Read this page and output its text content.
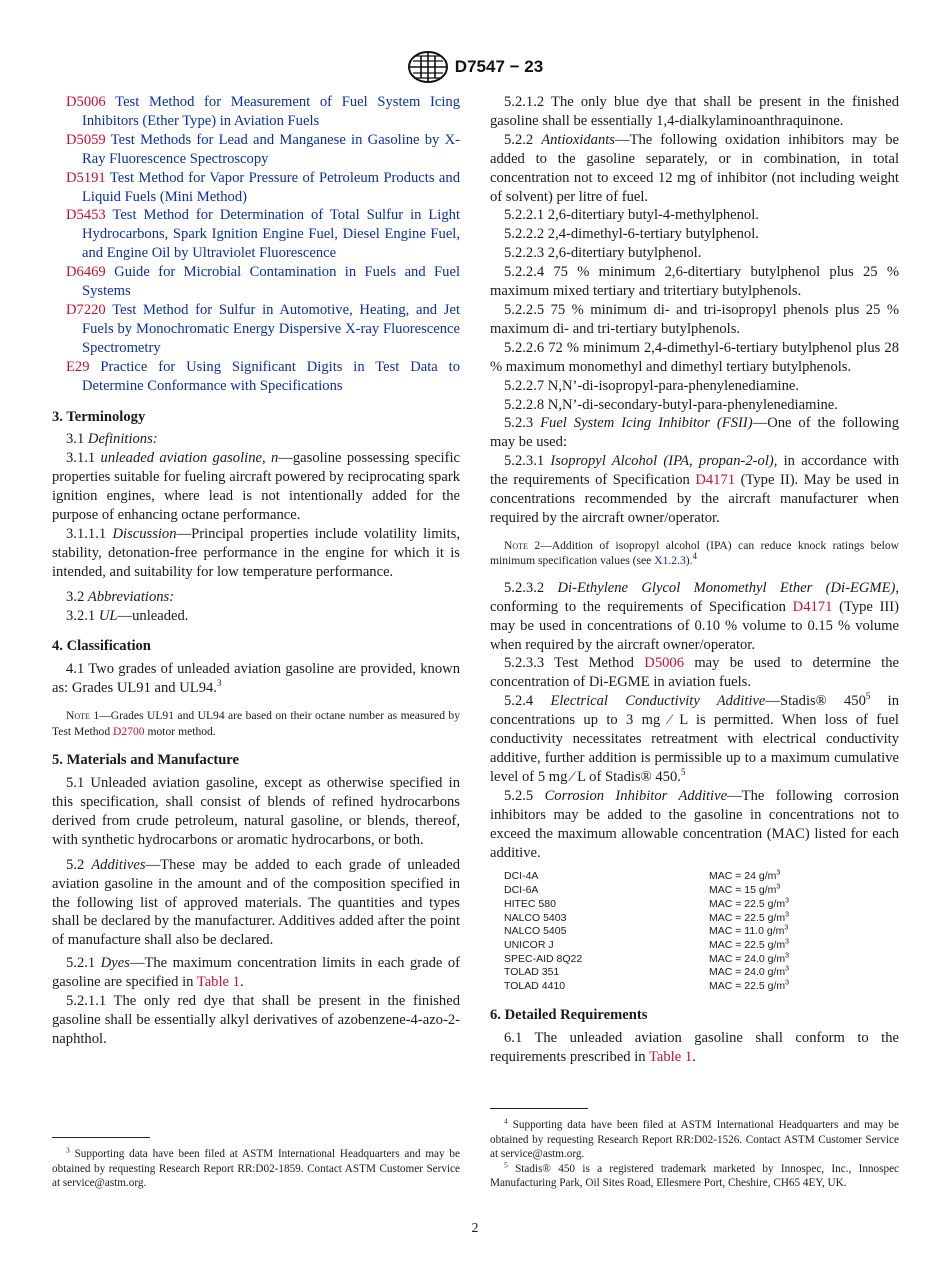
D7547 − 23

D5006 Test Method for Measurement of Fuel System Icing Inhibitors (Ether Type) in Aviation Fuels

D5059 Test Methods for Lead and Manganese in Gasoline by X-Ray Fluorescence Spectroscopy

D5191 Test Method for Vapor Pressure of Petroleum Products and Liquid Fuels (Mini Method)

D5453 Test Method for Determination of Total Sulfur in Light Hydrocarbons, Spark Ignition Engine Fuel, Diesel Engine Fuel, and Engine Oil by Ultraviolet Fluorescence

D6469 Guide for Microbial Contamination in Fuels and Fuel Systems

D7220 Test Method for Sulfur in Automotive, Heating, and Jet Fuels by Monochromatic Energy Dispersive X-ray Fluorescence Spectrometry

E29 Practice for Using Significant Digits in Test Data to Determine Conformance with Specifications

3. Terminology

3.1 Definitions:

3.1.1 unleaded aviation gasoline, n—gasoline possessing specific properties suitable for fueling aircraft powered by reciprocating spark ignition engines, where lead is not intentionally added for the purpose of enhancing octane performance.

3.1.1.1 Discussion—Principal properties include volatility limits, stability, detonation-free performance in the engine for which it is intended, and suitability for low temperature performance.

3.2 Abbreviations:

3.2.1 UL—unleaded.

4. Classification

4.1 Two grades of unleaded aviation gasoline are provided, known as: Grades UL91 and UL94.$^3$

Note 1—Grades UL91 and UL94 are based on their octane number as measured by Test Method D2700 motor method.

5. Materials and Manufacture

5.1 Unleaded aviation gasoline, except as otherwise specified in this specification, shall consist of blends of refined hydrocarbons derived from crude petroleum, natural gasoline, or blends, thereof, with synthetic hydrocarbons or aromatic hydrocarbons, or both.

5.2 Additives—These may be added to each grade of unleaded aviation gasoline in the amount and of the composition specified in the following list of approved materials. The quantities and types shall be declared by the manufacturer. Additives added after the point of manufacture shall also be declared.

5.2.1 Dyes—The maximum concentration limits in each grade of gasoline are specified in Table 1.

5.2.1.1 The only red dye that shall be present in the finished gasoline shall be essentially alkyl derivatives of azobenzene-4-azo-2-naphthol.

$^3$ Supporting data have been filed at ASTM International Headquarters and may be obtained by requesting Research Report RR:D02-1859. Contact ASTM Customer Service at service@astm.org.

5.2.1.2 The only blue dye that shall be present in the finished gasoline shall be essentially 1,4-dialkylaminoanthraquinone.

5.2.2 Antioxidants—The following oxidation inhibitors may be added to the gasoline separately, or in combination, in total concentration not to exceed 12 mg of inhibitor (not including weight of solvent) per litre of fuel.

5.2.2.1 2,6-ditertiary butyl-4-methylphenol.

5.2.2.2 2,4-dimethyl-6-tertiary butylphenol.

5.2.2.3 2,6-ditertiary butylphenol.

5.2.2.4 75 % minimum 2,6-ditertiary butylphenol plus 25 % maximum mixed tertiary and tritertiary butylphenols.

5.2.2.5 75 % minimum di- and tri-isopropyl phenols plus 25 % maximum di- and tri-tertiary butylphenols.

5.2.2.6 72 % minimum 2,4-dimethyl-6-tertiary butylphenol plus 28 % maximum monomethyl and dimethyl tertiary butylphenols.

5.2.2.7 N,N’-di-isopropyl-para-phenylenediamine.

5.2.2.8 N,N’-di-secondary-butyl-para-phenylenediamine.

5.2.3 Fuel System Icing Inhibitor (FSII)—One of the following may be used:

5.2.3.1 Isopropyl Alcohol (IPA, propan-2-ol), in accordance with the requirements of Specification D4171 (Type II). May be used in concentrations recommended by the aircraft manufacturer when required by the aircraft owner/operator.

Note 2—Addition of isopropyl alcohol (IPA) can reduce knock ratings below minimum specification values (see X1.2.3).$^4$

5.2.3.2 Di-Ethylene Glycol Monomethyl Ether (Di-EGME), conforming to the requirements of Specification D4171 (Type III) may be used in concentrations of 0.10 % volume to 0.15 % volume when required by the aircraft owner/operator.

5.2.3.3 Test Method D5006 may be used to determine the concentration of Di-EGME in aviation fuels.

5.2.4 Electrical Conductivity Additive—Stadis® $450^5$ in concentrations up to 3 mg ⁄ L is permitted. When loss of fuel conductivity necessitates retreatment with electrical conductivity additive, further addition is permissible up to a maximum cumulative level of 5 mg ⁄ L of Stadis® 450.$^5$

5.2.5 Corrosion Inhibitor Additive—The following corrosion inhibitors may be added to the gasoline in concentrations not to exceed the maximum allowable concentration (MAC) listed for each additive.

DCI-4A	MAC = 24 $g/m^3$
DCI-6A	MAC = 15 $g/m^3$
HITEC 580	MAC = 22.5 $g/m^3$
NALCO 5403	MAC = 22.5 $g/m^3$
NALCO 5405	MAC = 11.0 $g/m^3$
UNICOR J	MAC = 22.5 $g/m^3$
SPEC-AID 8Q22	MAC = 24.0 $g/m^3$
TOLAD 351	MAC = 24.0 $g/m^3$
TOLAD 4410	MAC = 22.5 $g/m^3$

6. Detailed Requirements

6.1 The unleaded aviation gasoline shall conform to the requirements prescribed in Table 1.

$^4$ Supporting data have been filed at ASTM International Headquarters and may be obtained by requesting Research Report RR:D02-1526. Contact ASTM Customer Service at service@astm.org.

$^5$ Stadis® 450 is a registered trademark marketed by Innospec, Inc., Innospec Manufacturing Park, Oil Sites Road, Ellesmere Port, Cheshire, CH65 4EY, UK.

2
